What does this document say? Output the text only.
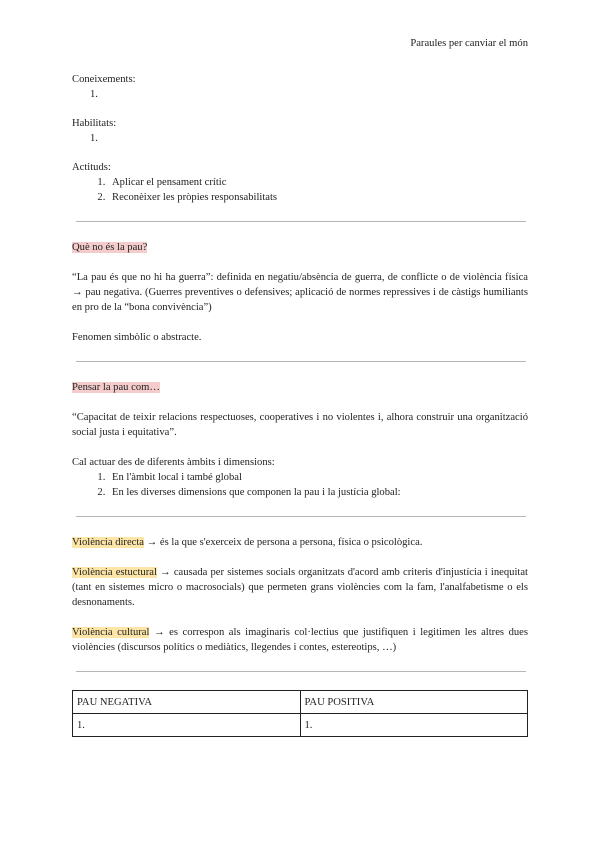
Paraules per canviar el món
Coneixements:
1.
Habilitats:
1.
Actituds:
1. Aplicar el pensament crític
2. Reconèixer les pròpies responsabilitats
Què no és la pau?

“La pau és que no hi ha guerra”: definida en negatiu/absència de guerra, de conflicte o de violència física → pau negativa. (Guerres preventives o defensives; aplicació de normes repressives i de càstigs humiliants en pro de la “bona convivència”)

Fenomen simbòlic o abstracte.

Pensar la pau com…

“Capacitat de teixir relacions respectuoses, cooperatives i no violentes i, alhora construir una organització social justa i equitativa”.

Cal actuar des de diferents àmbits i dimensions:
1. En l'àmbit local i també global
2. En les diverses dimensions que componen la pau i la justícia global:

Violència directa → és la que s'exerceix de persona a persona, física o psicològica.

Violència estuctural → causada per sistemes socials organitzats d'acord amb criteris d'injustícia i inequitat (tant en sistemes micro o macrosocials) que permeten grans violències com la fam, l'analfabetisme o els desnonaments.

Violència cultural → es correspon als imaginaris col·lectius que justifiquen i legitimen les altres dues violències (discursos polítics o mediàtics, llegendes i contes, estereotips, …)

PAU NEGATIVA	PAU POSITIVA
1.	1.
